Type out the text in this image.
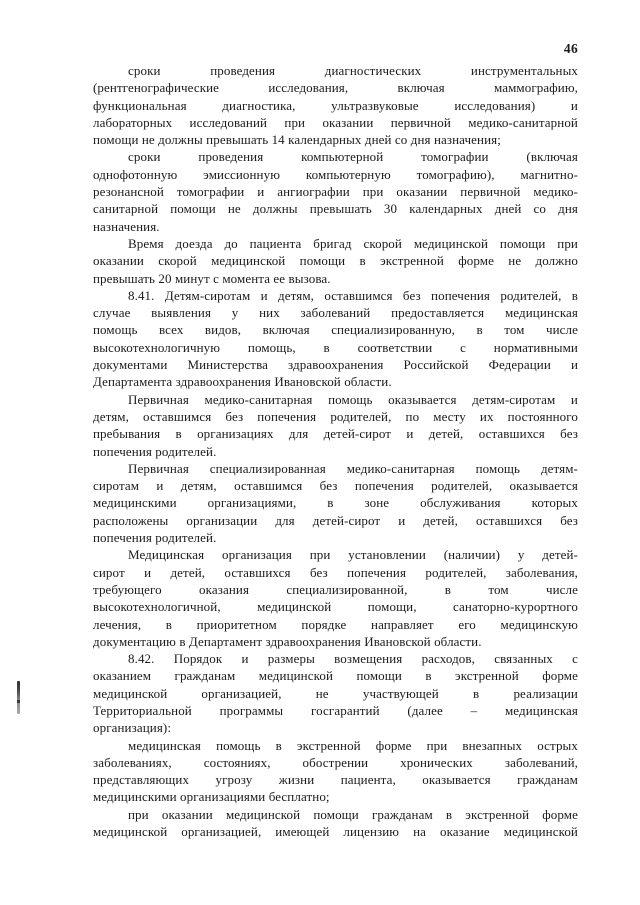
46
сроки проведения диагностических инструментальных
(рентгенографические исследования, включая маммографию,
функциональная диагностика, ультразвуковые исследования) и
лабораторных исследований при оказании первичной медико-санитарной
помощи не должны превышать 14 календарных дней со дня назначения;
сроки проведения компьютерной томографии (включая
однофотонную эмиссионную компьютерную томографию), магнитно-
резонансной томографии и ангиографии при оказании первичной медико-
санитарной помощи не должны превышать 30 календарных дней со дня
назначения.
Время доезда до пациента бригад скорой медицинской помощи при
оказании скорой медицинской помощи в экстренной форме не должно
превышать 20 минут с момента ее вызова.
8.41. Детям-сиротам и детям, оставшимся без попечения родителей, в
случае выявления у них заболеваний предоставляется медицинская
помощь всех видов, включая специализированную, в том числе
высокотехнологичную помощь, в соответствии с нормативными
документами Министерства здравоохранения Российской Федерации и
Департамента здравоохранения Ивановской области.
Первичная медико-санитарная помощь оказывается детям-сиротам и
детям, оставшимся без попечения родителей, по месту их постоянного
пребывания в организациях для детей-сирот и детей, оставшихся без
попечения родителей.
Первичная специализированная медико-санитарная помощь детям-
сиротам и детям, оставшимся без попечения родителей, оказывается
медицинскими организациями, в зоне обслуживания которых
расположены организации для детей-сирот и детей, оставшихся без
попечения родителей.
Медицинская организация при установлении (наличии) у детей-
сирот и детей, оставшихся без попечения родителей, заболевания,
требующего оказания специализированной, в том числе
высокотехнологичной, медицинской помощи, санаторно-курортного
лечения, в приоритетном порядке направляет его медицинскую
документацию в Департамент здравоохранения Ивановской области.
8.42. Порядок и размеры возмещения расходов, связанных с
оказанием гражданам медицинской помощи в экстренной форме
медицинской организацией, не участвующей в реализации
Территориальной программы госгарантий (далее – медицинская
организация):
медицинская помощь в экстренной форме при внезапных острых
заболеваниях, состояниях, обострении хронических заболеваний,
представляющих угрозу жизни пациента, оказывается гражданам
медицинскими организациями бесплатно;
при оказании медицинской помощи гражданам в экстренной форме
медицинской организацией, имеющей лицензию на оказание медицинской
